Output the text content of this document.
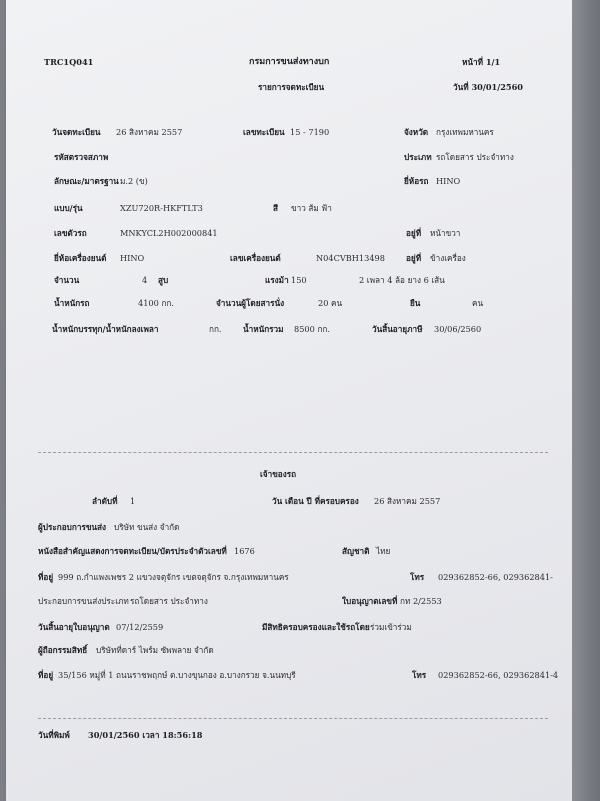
TRC1Q041	กรมการขนส่งทางบก	หน้าที่ 1/1
รายการจดทะเบียน	วันที่ 30/01/2560
วันจดทะเบียน 26 สิงหาคม 2557	เลขทะเบียน 15 - 7190	จังหวัด กรุงเทพมหานคร
รหัสตรวจสภาพ	ประเภท รถโดยสาร ประจำทาง
ลักษณะ/มาตรฐาน ม.2 (ข)	ยี่ห้อรถ HINO
แบบ/รุ่น	XZU720R-HKFTLT3	สี ขาว ส้ม ฟ้า
เลขตัวรถ	MNKYCL2H002000841	อยู่ที่ หน้าขวา
ยี่ห้อเครื่องยนต์ HINO	เลขเครื่องยนต์	N04CVBH13498	อยู่ที่ ข้างเครื่อง
จำนวน	4 สูบ	แรงม้า 150	2 เพลา 4 ล้อ ยาง 6 เส้น
น้ำหนักรถ	4100 กก.	จำนวนผู้โดยสารนั่ง	20 คน	ยืน	คน
น้ำหนักบรรทุก/น้ำหนักลงเพลา	กก.	น้ำหนักรวม 8500 กก.	วันสิ้นอายุภาษี 30/06/2560
เจ้าของรถ
ลำดับที่ 1	วัน เดือน ปี ที่ครอบครอง 26 สิงหาคม 2557
ผู้ประกอบการขนส่ง บริษัท ขนส่ง จำกัด
หนังสือสำคัญแสดงการจดทะเบียน/บัตรประจำตัวเลขที่ 1676	สัญชาติ ไทย
ที่อยู่ 999 ถ.กำแพงเพชร 2 แขวงจตุจักร เขตจตุจักร จ.กรุงเทพมหานคร	โทร 029362852-66, 029362841-
ประกอบการขนส่งประเภท รถโดยสาร ประจำทาง	ใบอนุญาตเลขที่ กท 2/2553
วันสิ้นอายุใบอนุญาต 07/12/2559	มีสิทธิครอบครองและใช้รถโดย ร่วมเข้าร่วม
ผู้ถือกรรมสิทธิ์ บริษัทที่ดาร์ ไพร์ม ซัพพลาย จำกัด
ที่อยู่ 35/156 หมู่ที่ 1 ถนนราชพฤกษ์ ต.บางขุนกอง อ.บางกรวย จ.นนทบุรี	โทร 029362852-66, 029362841-4
วันที่พิมพ์ 30/01/2560 เวลา 18:56:18
